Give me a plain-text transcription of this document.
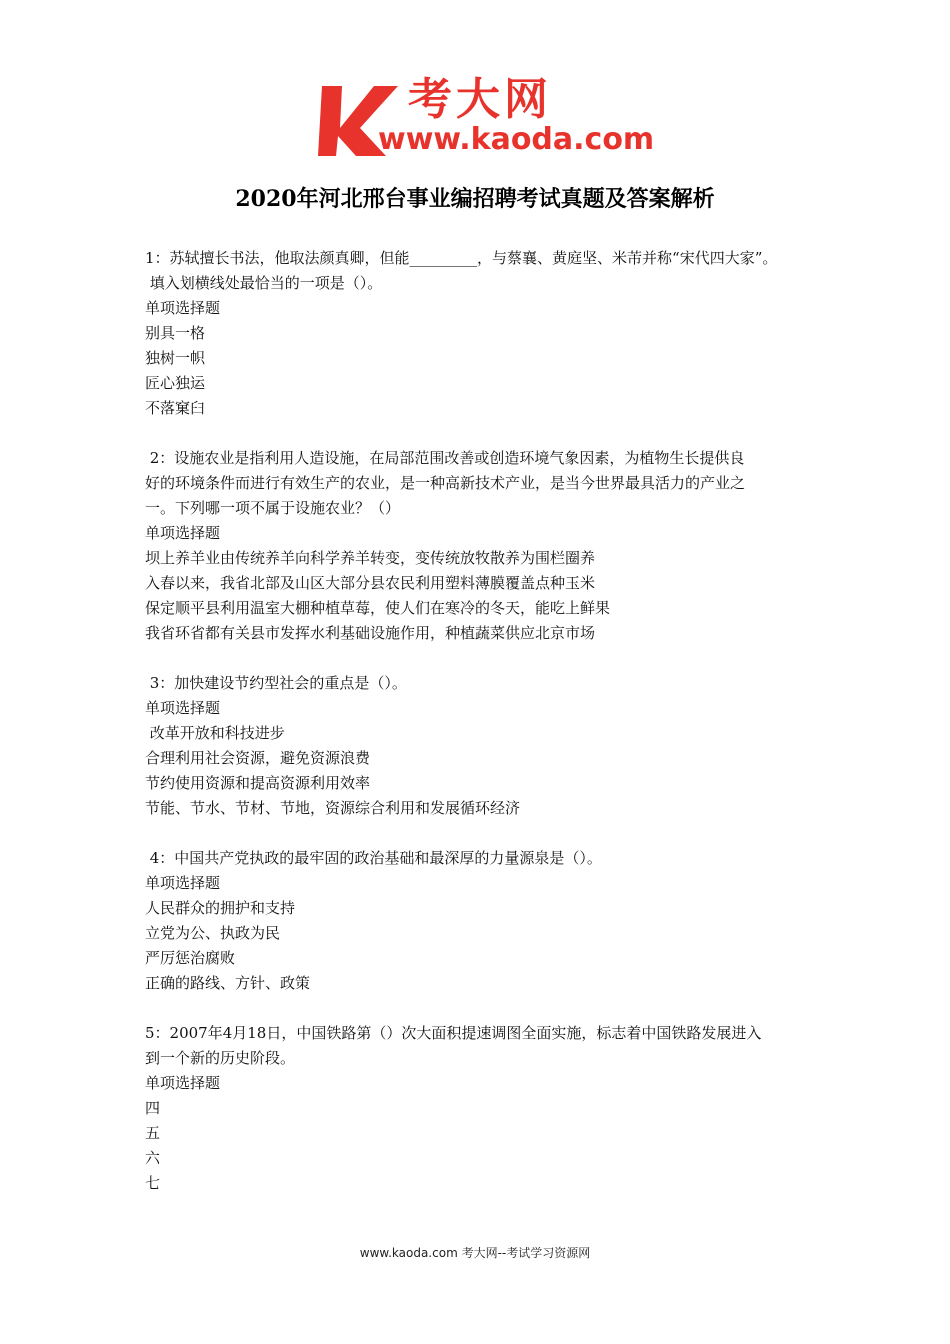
考大网
www.kaoda.com
2020年河北邢台事业编招聘考试真题及答案解析
1：苏轼擅长书法，他取法颜真卿，但能_________，与蔡襄、黄庭坚、米芾并称“宋代四大家”。
填入划横线处最恰当的一项是（）。
单项选择题
别具一格
独树一帜
匠心独运
不落窠臼
2：设施农业是指利用人造设施，在局部范围改善或创造环境气象因素，为植物生长提供良
好的环境条件而进行有效生产的农业，是一种高新技术产业，是当今世界最具活力的产业之
一。下列哪一项不属于设施农业？（）
单项选择题
坝上养羊业由传统养羊向科学养羊转变，变传统放牧散养为围栏圈养
入春以来，我省北部及山区大部分县农民利用塑料薄膜覆盖点种玉米
保定顺平县利用温室大棚种植草莓，使人们在寒冷的冬天，能吃上鲜果
我省环省都有关县市发挥水利基础设施作用，种植蔬菜供应北京市场
3：加快建设节约型社会的重点是（）。
单项选择题
改革开放和科技进步
合理利用社会资源，避免资源浪费
节约使用资源和提高资源利用效率
节能、节水、节材、节地，资源综合利用和发展循环经济
4：中国共产党执政的最牢固的政治基础和最深厚的力量源泉是（）。
单项选择题
人民群众的拥护和支持
立党为公、执政为民
严厉惩治腐败
正确的路线、方针、政策
5：2007年4月18日，中国铁路第（）次大面积提速调图全面实施，标志着中国铁路发展进入
到一个新的历史阶段。
单项选择题
四
五
六
七
www.kaoda.com 考大网--考试学习资源网
